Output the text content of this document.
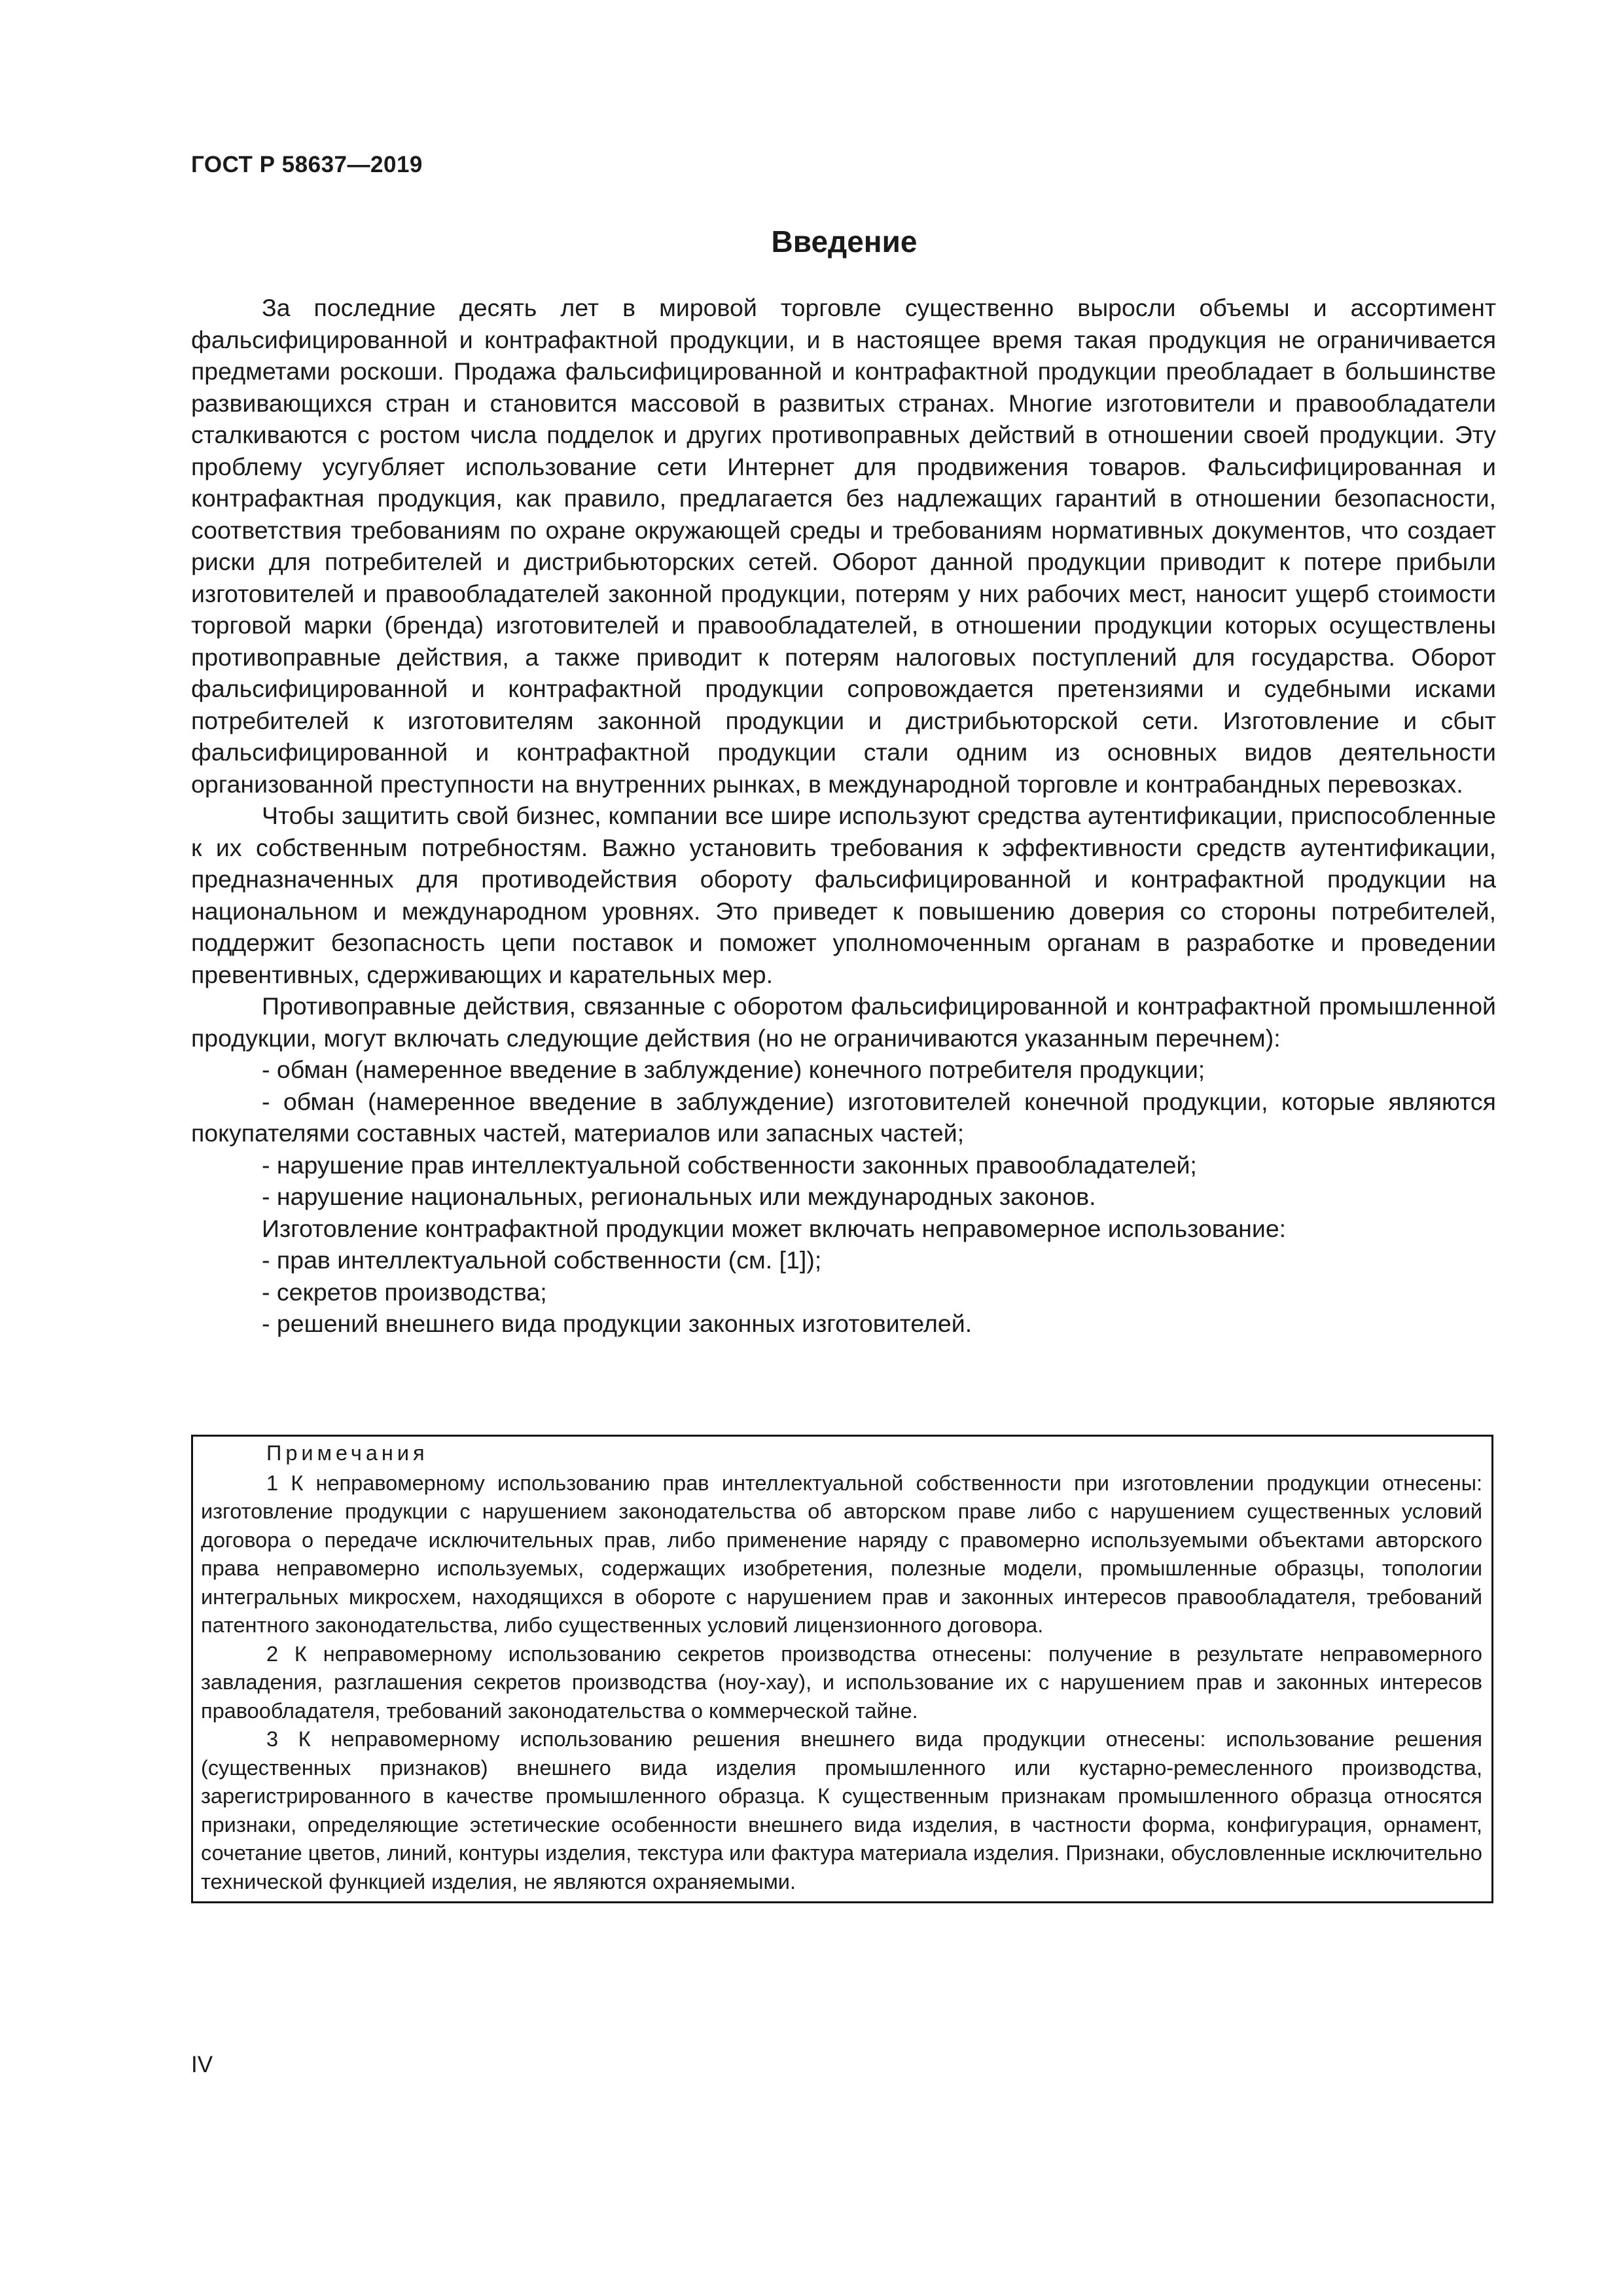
ГОСТ Р 58637—2019
Введение

За последние десять лет в мировой торговле существенно выросли объемы и ассортимент фальсифицированной и контрафактной продукции, и в настоящее время такая продукция не ограничивается предметами роскоши. Продажа фальсифицированной и контрафактной продукции преобладает в большинстве развивающихся стран и становится массовой в развитых странах. Многие изготовители и правообладатели сталкиваются с ростом числа подделок и других противоправных действий в отношении своей продукции. Эту проблему усугубляет использование сети Интернет для продвижения товаров. Фальсифицированная и контрафактная продукция, как правило, предлагается без надлежащих гарантий в отношении безопасности, соответствия требованиям по охране окружающей среды и требованиям нормативных документов, что создает риски для потребителей и дистрибьюторских сетей. Оборот данной продукции приводит к потере прибыли изготовителей и правообладателей законной продукции, потерям у них рабочих мест, наносит ущерб стоимости торговой марки (бренда) изготовителей и правообладателей, в отношении продукции которых осуществлены противоправные действия, а также приводит к потерям налоговых поступлений для государства. Оборот фальсифицированной и контрафактной продукции сопровождается претензиями и судебными исками потребителей к изготовителям законной продукции и дистрибьюторской сети. Изготовление и сбыт фальсифицированной и контрафактной продукции стали одним из основных видов деятельности организованной преступности на внутренних рынках, в международной торговле и контрабандных перевозках.

Чтобы защитить свой бизнес, компании все шире используют средства аутентификации, приспособленные к их собственным потребностям. Важно установить требования к эффективности средств аутентификации, предназначенных для противодействия обороту фальсифицированной и контрафактной продукции на национальном и международном уровнях. Это приведет к повышению доверия со стороны потребителей, поддержит безопасность цепи поставок и поможет уполномоченным органам в разработке и проведении превентивных, сдерживающих и карательных мер.

Противоправные действия, связанные с оборотом фальсифицированной и контрафактной промышленной продукции, могут включать следующие действия (но не ограничиваются указанным перечнем):

- обман (намеренное введение в заблуждение) конечного потребителя продукции;

- обман (намеренное введение в заблуждение) изготовителей конечной продукции, которые являются покупателями составных частей, материалов или запасных частей;

- нарушение прав интеллектуальной собственности законных правообладателей;

- нарушение национальных, региональных или международных законов.

Изготовление контрафактной продукции может включать неправомерное использование:

- прав интеллектуальной собственности (см. [1]);

- секретов производства;

- решений внешнего вида продукции законных изготовителей.

Примечания

1 К неправомерному использованию прав интеллектуальной собственности при изготовлении продукции отнесены: изготовление продукции с нарушением законодательства об авторском праве либо с нарушением существенных условий договора о передаче исключительных прав, либо применение наряду с правомерно используемыми объектами авторского права неправомерно используемых, содержащих изобретения, полезные модели, промышленные образцы, топологии интегральных микросхем, находящихся в обороте с нарушением прав и законных интересов правообладателя, требований патентного законодательства, либо существенных условий лицензионного договора.

2 К неправомерному использованию секретов производства отнесены: получение в результате неправомерного завладения, разглашения секретов производства (ноу-хау), и использование их с нарушением прав и законных интересов правообладателя, требований законодательства о коммерческой тайне.

3 К неправомерному использованию решения внешнего вида продукции отнесены: использование решения (существенных признаков) внешнего вида изделия промышленного или кустарно-ремесленного производства, зарегистрированного в качестве промышленного образца. К существенным признакам промышленного образца относятся признаки, определяющие эстетические особенности внешнего вида изделия, в частности форма, конфигурация, орнамент, сочетание цветов, линий, контуры изделия, текстура или фактура материала изделия. Признаки, обусловленные исключительно технической функцией изделия, не являются охраняемыми.

IV
